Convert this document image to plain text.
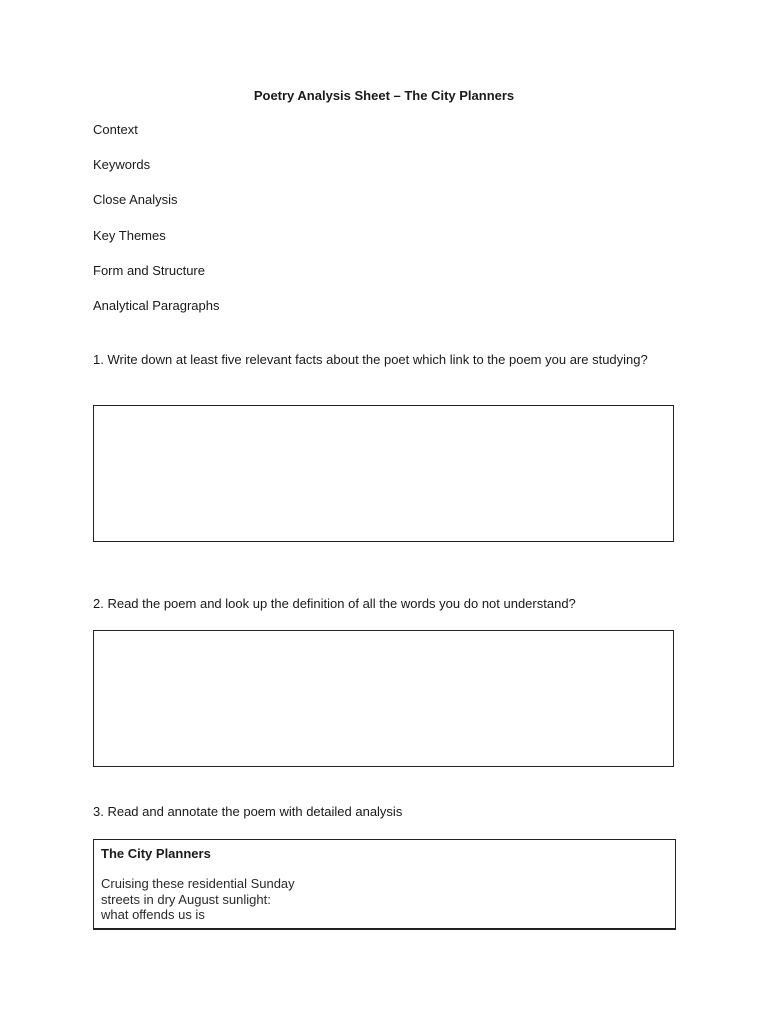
Poetry Analysis Sheet – The City Planners
Context
Keywords
Close Analysis
Key Themes
Form and Structure
Analytical Paragraphs
1. Write down at least five relevant facts about the poet which link to the poem you are studying?
2. Read the poem and look up the definition of all the words you do not understand?
3. Read and annotate the poem with detailed analysis
The City Planners
Cruising these residential Sunday
streets in dry August sunlight:
what offends us is
